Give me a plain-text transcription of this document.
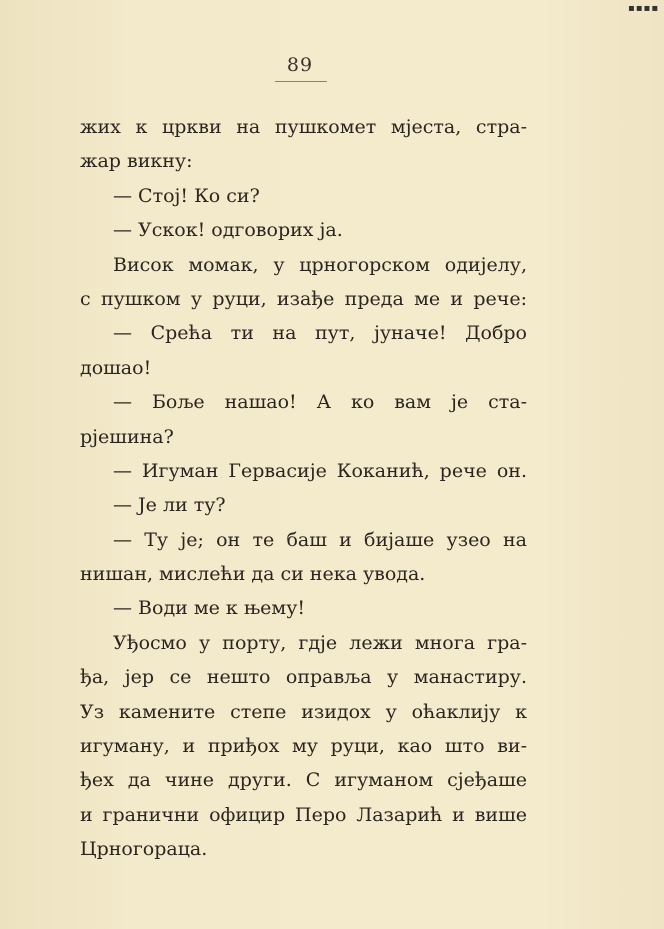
▪▪▪▪
89
жих к цркви на пушкомет мјеста, стра-
жар викну:
— Стој! Ко си?
— Ускок! одговорих ја.
Висок момак, у црногорском одијелу,
с пушком у руци, изађе преда ме и рече:
— Срећа ти на пут, јуначе! Добро
дошао!
— Боље нашао! А ко вам је ста-
рјешина?
— Игуман Гервасије Коканић, рече он.
— Је ли ту?
— Ту је; он те баш и бијаше узео на
нишан, мислећи да си нека увода.
— Води ме к њему!
Уђосмо у порту, гдје лежи многа гра-
ђа, јер се нешто оправља у манастиру.
Уз камените степе изидох у оћаклију к
игуману, и приђох му руци, као што ви-
ђех да чине други. С игуманом сјеђаше
и гранични официр Перо Лазарић и више
Црногораца.
